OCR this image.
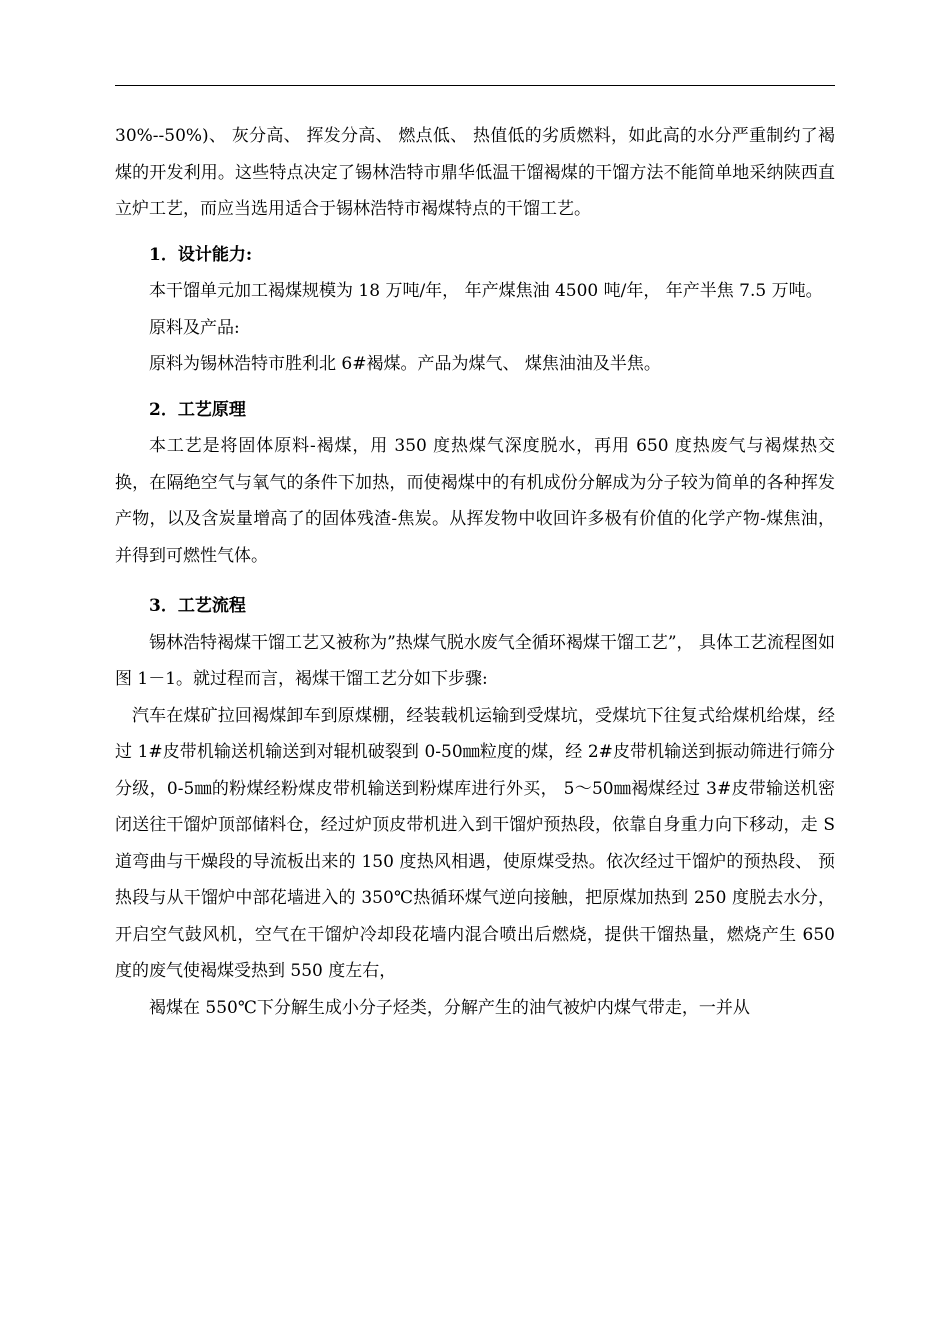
30%--50%)、 灰分高、 挥发分高、 燃点低、 热值低的劣质燃料，如此高的水分严重制约了褐煤的开发利用。这些特点决定了锡林浩特市鼎华低温干馏褐煤的干馏方法不能简单地采纳陕西直立炉工艺，而应当选用适合于锡林浩特市褐煤特点的干馏工艺。

1．设计能力:

本干馏单元加工褐煤规模为 18 万吨/年， 年产煤焦油 4500 吨/年， 年产半焦 7.5 万吨。

原料及产品:

原料为锡林浩特市胜利北 6#褐煤。产品为煤气、 煤焦油油及半焦。

2．工艺原理

本工艺是将固体原料-褐煤，用 350 度热煤气深度脱水，再用 650 度热废气与褐煤热交换，在隔绝空气与氧气的条件下加热，而使褐煤中的有机成份分解成为分子较为简单的各种挥发产物，以及含炭量增高了的固体残渣-焦炭。从挥发物中收回许多极有价值的化学产物-煤焦油，并得到可燃性气体。

3．工艺流程

锡林浩特褐煤干馏工艺又被称为”热煤气脱水废气全循环褐煤干馏工艺”， 具体工艺流程图如图 1－1。就过程而言，褐煤干馏工艺分如下步骤:

汽车在煤矿拉回褐煤卸车到原煤棚，经装载机运输到受煤坑，受煤坑下往复式给煤机给煤，经过 1#皮带机输送机输送到对辊机破裂到 0-50㎜粒度的煤，经 2#皮带机输送到振动筛进行筛分分级，0-5㎜的粉煤经粉煤皮带机输送到粉煤库进行外买， 5～50㎜褐煤经过 3#皮带输送机密闭送往干馏炉顶部储料仓，经过炉顶皮带机进入到干馏炉预热段，依靠自身重力向下移动，走 S 道弯曲与干燥段的导流板出来的 150 度热风相遇，使原煤受热。依次经过干馏炉的预热段、 预热段与从干馏炉中部花墙进入的 350℃热循环煤气逆向接触，把原煤加热到 250 度脱去水分，开启空气鼓风机，空气在干馏炉冷却段花墙内混合喷出后燃烧，提供干馏热量，燃烧产生 650 度的废气使褐煤受热到 550 度左右，

褐煤在 550℃下分解生成小分子烃类，分解产生的油气被炉内煤气带走，一并从
